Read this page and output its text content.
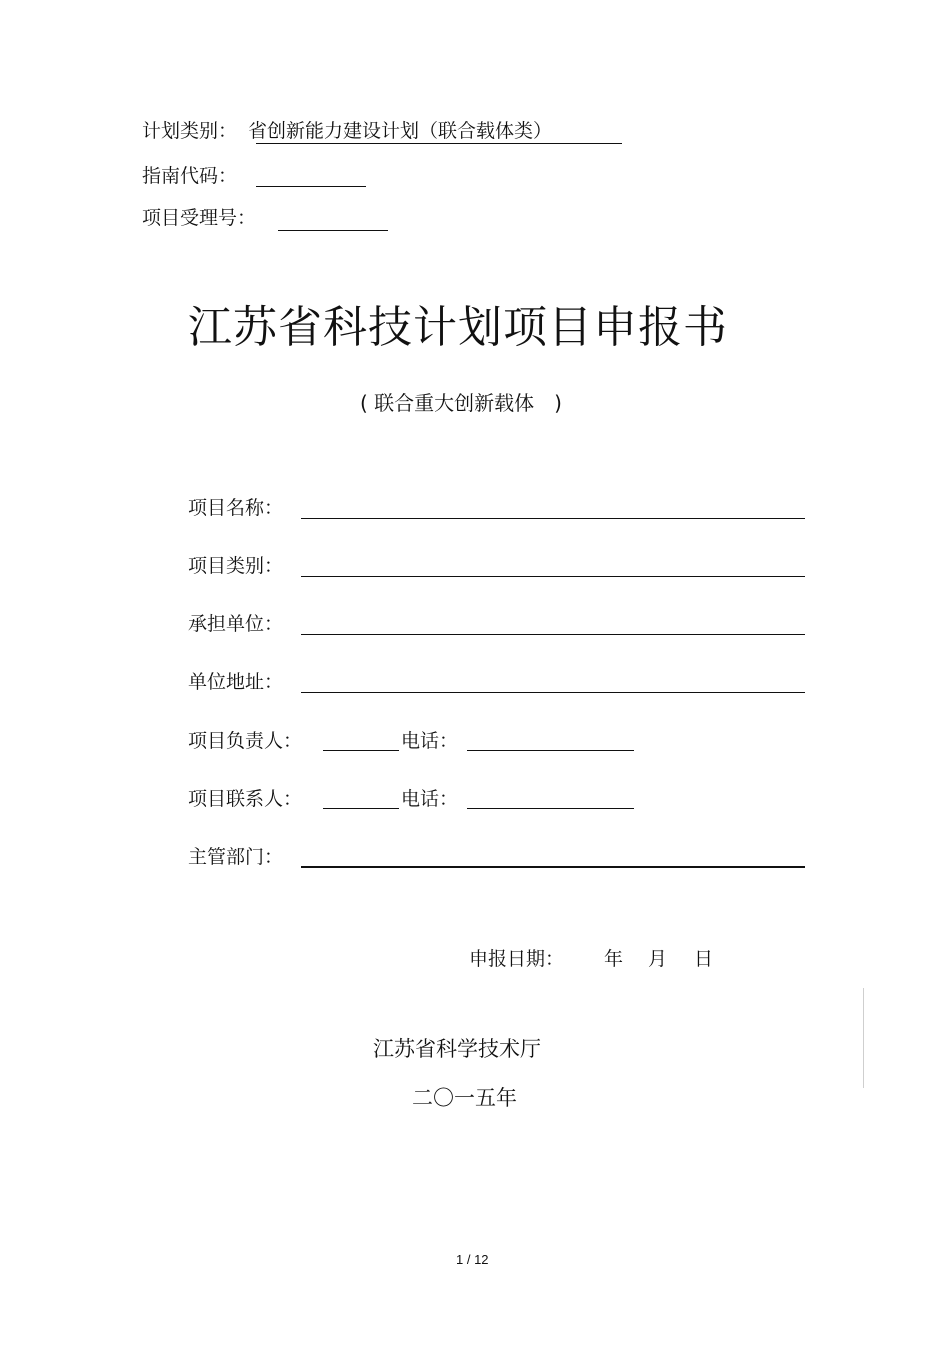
计划类别： 省创新能力建设计划（联合载体类）
指南代码：
项目受理号：
江苏省科技计划项目申报书
( 联合重大创新载体　)
项目名称：
项目类别：
承担单位：
单位地址：
项目负责人：	电话：
项目联系人：	电话：
主管部门：
申报日期： 年 月 日
江苏省科学技术厅
二〇一五年
1 / 12
